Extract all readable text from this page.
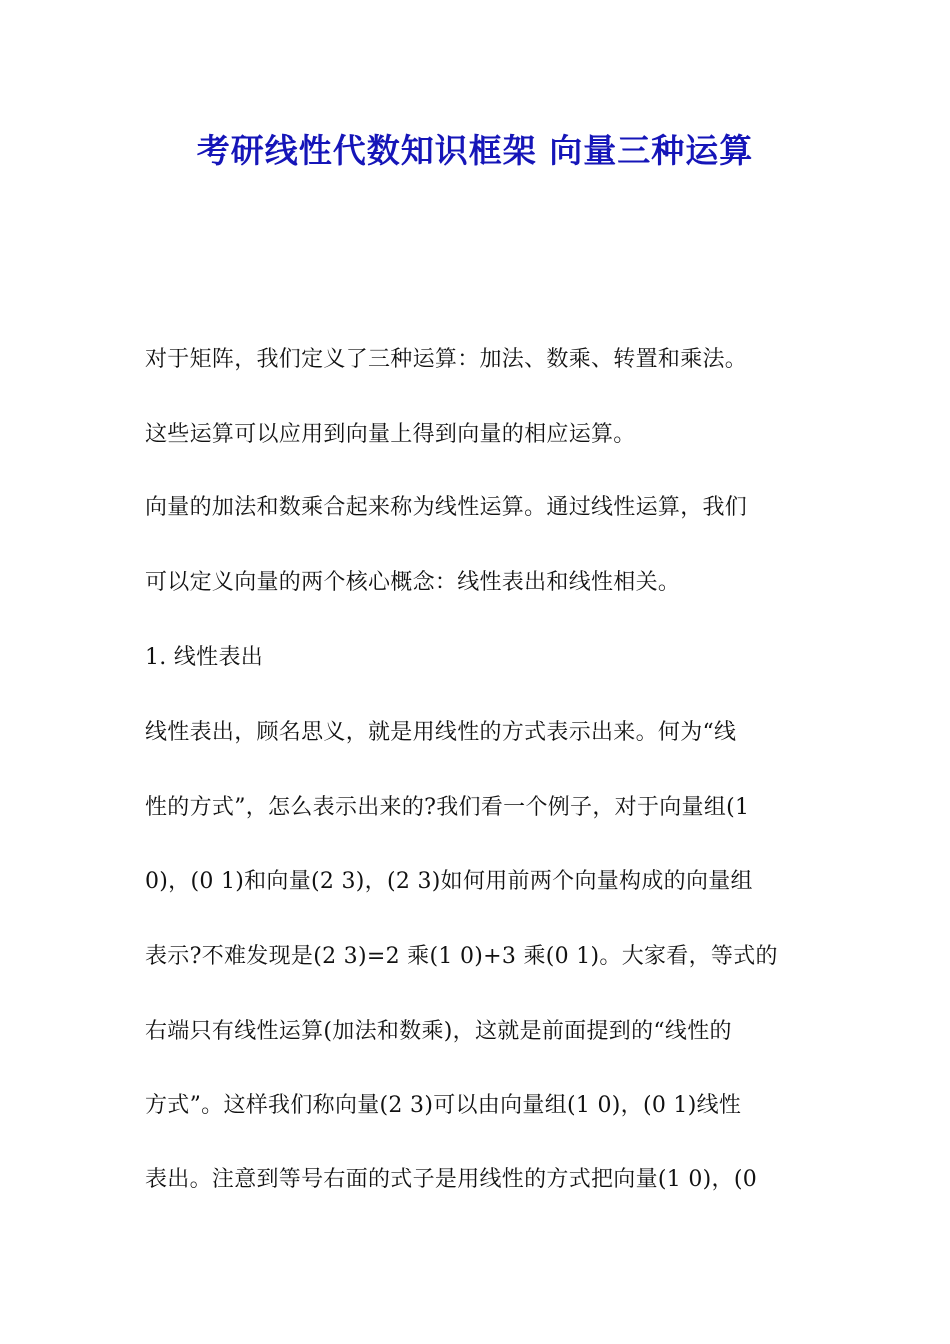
考研线性代数知识框架 向量三种运算
对于矩阵，我们定义了三种运算：加法、数乘、转置和乘法。
这些运算可以应用到向量上得到向量的相应运算。
向量的加法和数乘合起来称为线性运算。通过线性运算，我们
可以定义向量的两个核心概念：线性表出和线性相关。
1. 线性表出
线性表出，顾名思义，就是用线性的方式表示出来。何为“线
性的方式”，怎么表示出来的?我们看一个例子，对于向量组(1
0)，(0 1)和向量(2 3)，(2 3)如何用前两个向量构成的向量组
表示?不难发现是(2 3)=2 乘(1 0)+3 乘(0 1)。大家看，等式的
右端只有线性运算(加法和数乘)，这就是前面提到的“线性的
方式”。这样我们称向量(2 3)可以由向量组(1 0)，(0 1)线性
表出。注意到等号右面的式子是用线性的方式把向量(1 0)，(0
